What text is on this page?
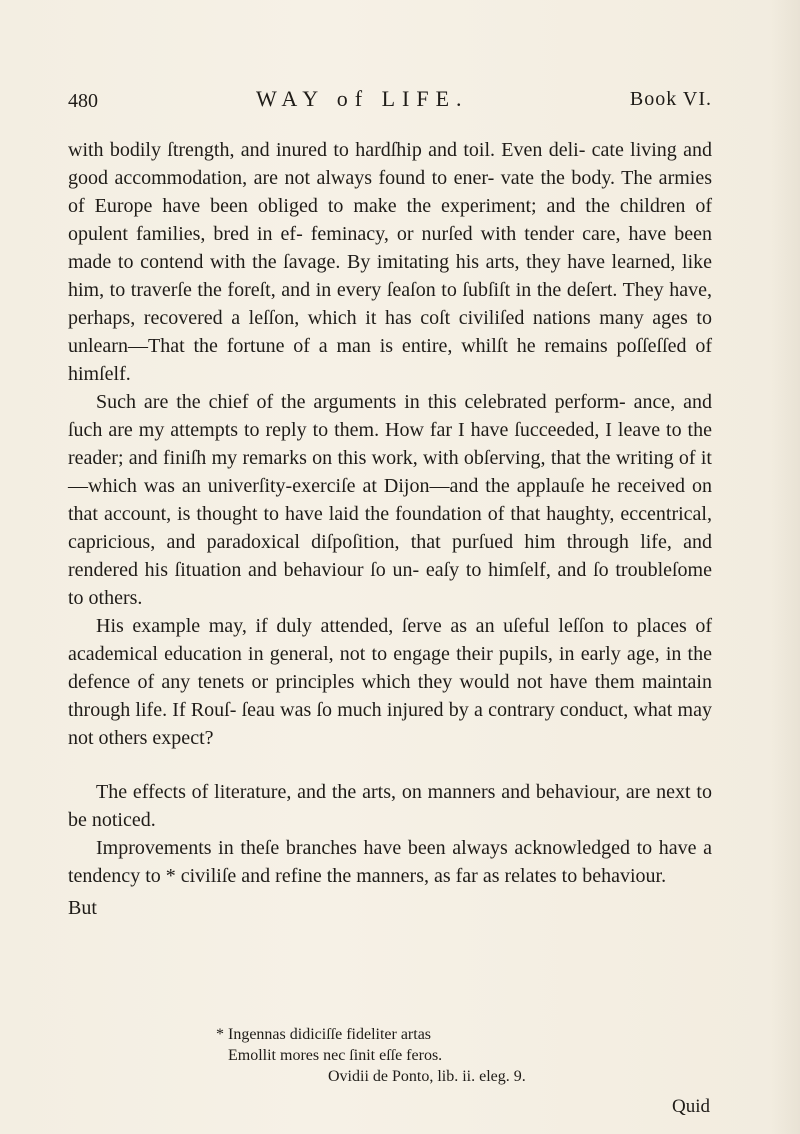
480	WAY of LIFE.	Book VI.

with bodily ſtrength, and inured to hardſhip and toil. Even deli- cate living and good accommodation, are not always found to ener- vate the body. The armies of Europe have been obliged to make the experiment; and the children of opulent families, bred in ef- feminacy, or nurſed with tender care, have been made to contend with the ſavage. By imitating his arts, they have learned, like him, to traverſe the foreſt, and in every ſeaſon to ſubſiſt in the deſert. They have, perhaps, recovered a leſſon, which it has coſt civiliſed nations many ages to unlearn—That the fortune of a man is entire, whilſt he remains poſſeſſed of himſelf.

Such are the chief of the arguments in this celebrated perform- ance, and ſuch are my attempts to reply to them. How far I have ſucceeded, I leave to the reader; and finiſh my remarks on this work, with obſerving, that the writing of it—which was an univerſity-exerciſe at Dijon—and the applauſe he received on that account, is thought to have laid the foundation of that haughty, eccentrical, capricious, and paradoxical diſpoſition, that purſued him through life, and rendered his ſituation and behaviour ſo un- eaſy to himſelf, and ſo troubleſome to others.

His example may, if duly attended, ſerve as an uſeful leſſon to places of academical education in general, not to engage their pupils, in early age, in the defence of any tenets or principles which they would not have them maintain through life. If Rouſ- ſeau was ſo much injured by a contrary conduct, what may not others expect?

The effects of literature, and the arts, on manners and behaviour, are next to be noticed.

Improvements in theſe branches have been always acknowledged to have a tendency to * civiliſe and refine the manners, as far as relates to behaviour.

But

* Ingennas didiciſſe fideliter artas
Emollit mores nec ſinit eſſe feros.
Ovidii de Ponto, lib. ii. eleg. 9.
Quid
